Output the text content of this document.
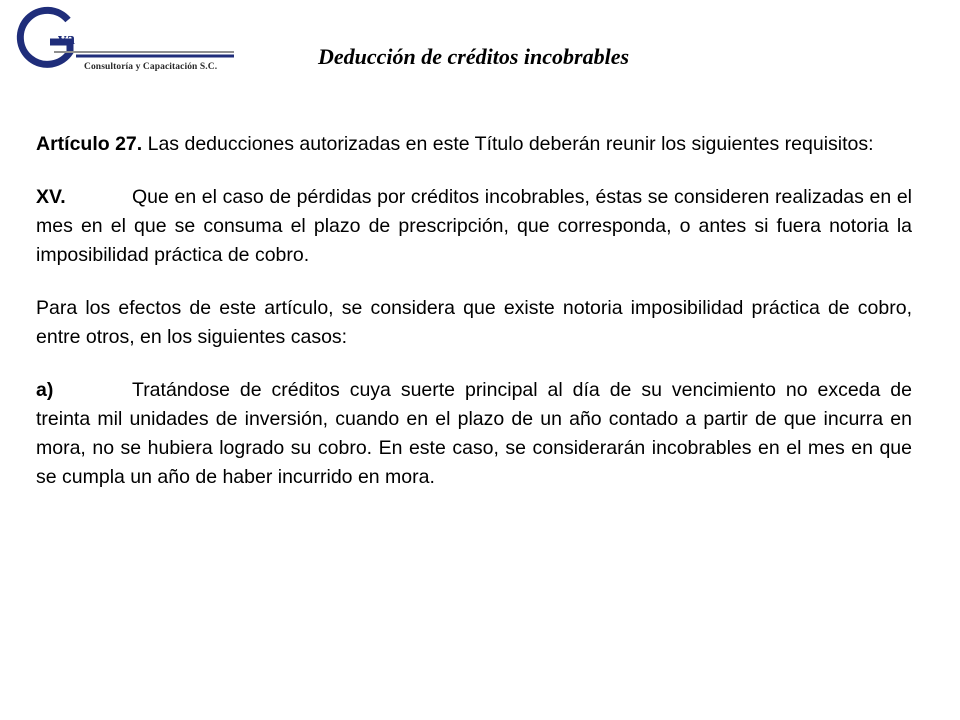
va
Consultoría y Capacitación S.C.	Deducción de créditos incobrables

Artículo 27. Las deducciones autorizadas en este Título deberán reunir los siguientes requisitos:

XV.	Que en el caso de pérdidas por créditos incobrables, éstas se consideren realizadas en el mes en el que se consuma el plazo de prescripción, que corresponda, o antes si fuera notoria la imposibilidad práctica de cobro.

Para los efectos de este artículo, se considera que existe notoria imposibilidad práctica de cobro, entre otros, en los siguientes casos:

a)	Tratándose de créditos cuya suerte principal al día de su vencimiento no exceda de treinta mil unidades de inversión, cuando en el plazo de un año contado a partir de que incurra en mora, no se hubiera logrado su cobro. En este caso, se considerarán incobrables en el mes en que se cumpla un año de haber incurrido en mora.
